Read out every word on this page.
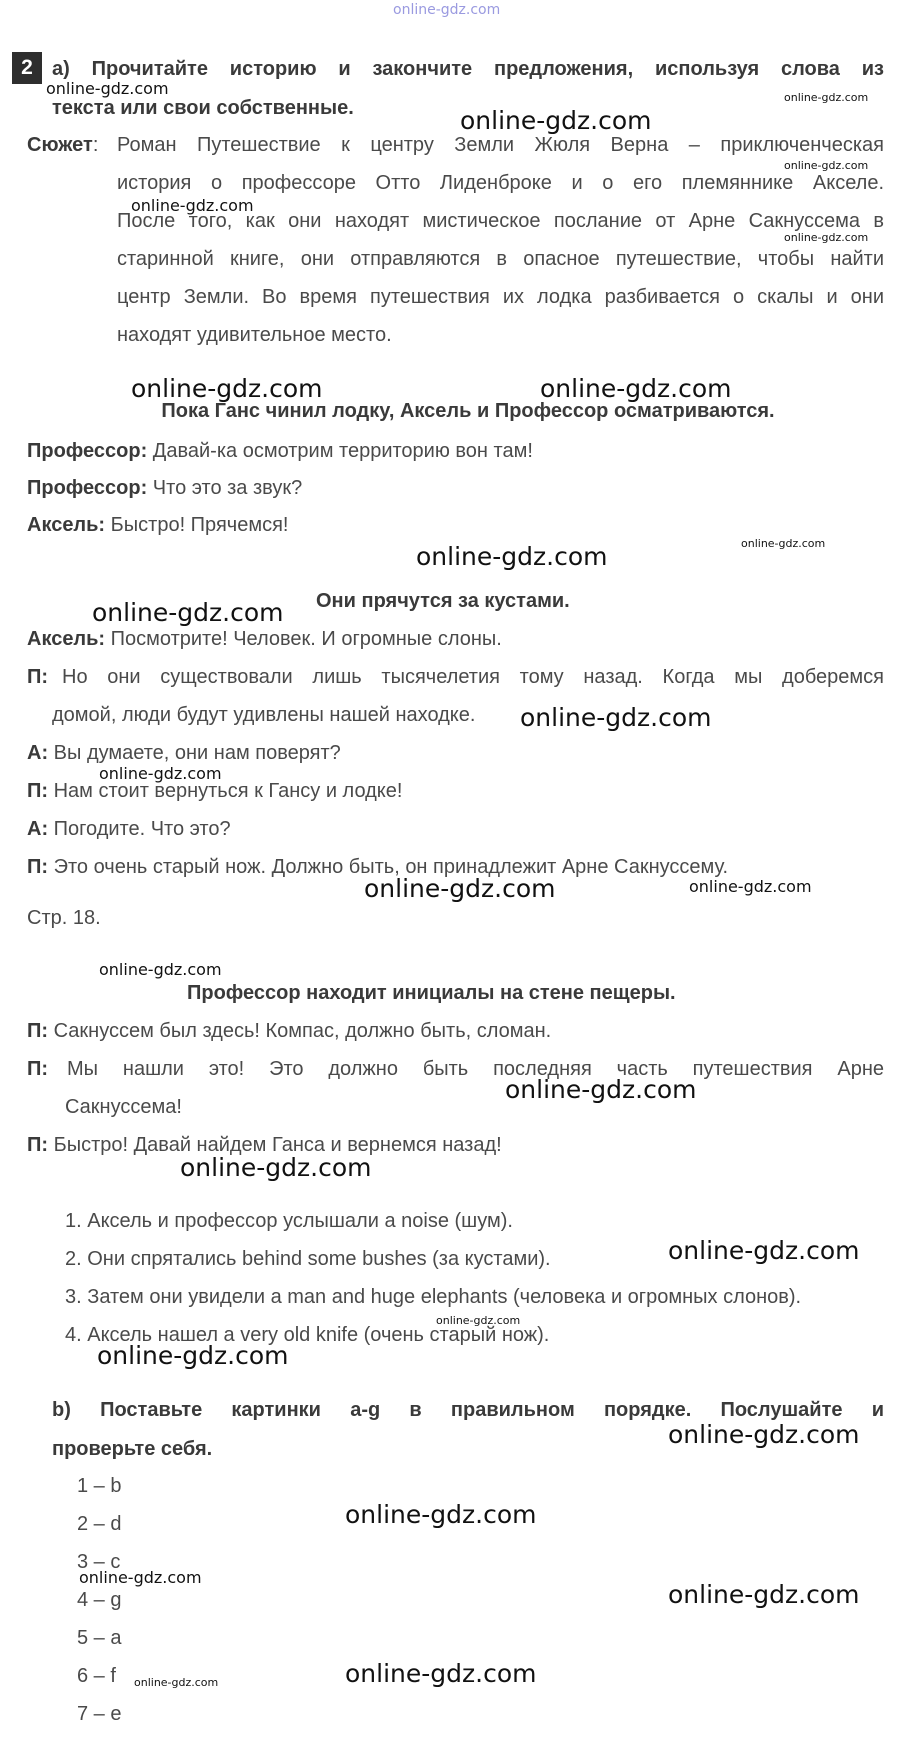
online-gdz.com
2 а) Прочитайте историю и закончите предложения, используя слова из
текста или свои собственные.
Сюжет: Роман Путешествие к центру Земли Жюля Верна – приключенческая
история о профессоре Отто Лиденброке и о его племяннике Акселе.
После того, как они находят мистическое послание от Арне Сакнуссема в
старинной книге, они отправляются в опасное путешествие, чтобы найти
центр Земли. Во время путешествия их лодка разбивается о скалы и они
находят удивительное место.
Пока Ганс чинил лодку, Аксель и Профессор осматриваются.
Профессор: Давай-ка осмотрим территорию вон там!
Профессор: Что это за звук?
Аксель: Быстро! Прячемся!
Они прячутся за кустами.
Аксель: Посмотрите! Человек. И огромные слоны.
П: Но они существовали лишь тысячелетия тому назад. Когда мы доберемся
домой, люди будут удивлены нашей находке.
А: Вы думаете, они нам поверят?
П: Нам стоит вернуться к Гансу и лодке!
А: Погодите. Что это?
П: Это очень старый нож. Должно быть, он принадлежит Арне Сакнуссему.
Стр. 18.
Профессор находит инициалы на стене пещеры.
П: Сакнуссем был здесь! Компас, должно быть, сломан.
П: Мы нашли это! Это должно быть последняя часть путешествия Арне
Сакнуссема!
П: Быстро! Давай найдем Ганса и вернемся назад!
1. Аксель и профессор услышали a noise (шум).
2. Они спрятались behind some bushes (за кустами).
3. Затем они увидели a man and huge elephants (человека и огромных слонов).
4. Аксель нашел a very old knife (очень старый нож).
b) Поставьте картинки a-g в правильном порядке. Послушайте и
проверьте себя.
1 – b
2 – d
3 – c
4 – g
5 – a
6 – f
7 – e
online-gdz.com	online-gdz.com
online-gdz.com
online-gdz.com
online-gdz.com
online-gdz.com
online-gdz.com	online-gdz.com
online-gdz.com
online-gdz.com
online-gdz.com
online-gdz.com
online-gdz.com
online-gdz.com
online-gdz.com
online-gdz.com
online-gdz.com
online-gdz.com
online-gdz.com
online-gdz.com
online-gdz.com
online-gdz.com
online-gdz.com
online-gdz.com
online-gdz.com
online-gdz.com
online-gdz.com
